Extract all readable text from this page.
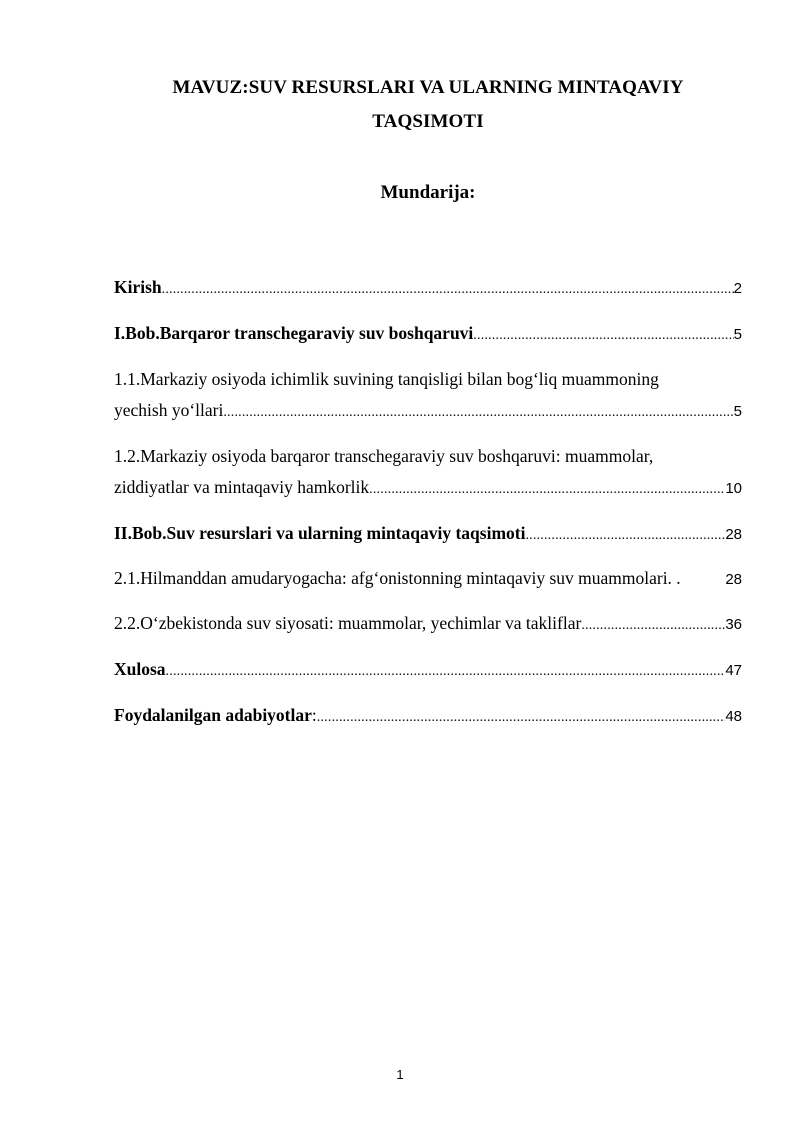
MAVUZ:SUV RESURSLARI VA ULARNING MINTAQAVIY
TAQSIMOTI
Mundarija:
Kirish .....	2
I.Bob.Barqaror transchegaraviy suv boshqaruvi .....	5
1.1.Markaziy osiyoda ichimlik suvining tanqisligi bilan bog‘liq muammoning
yechish yo‘llari .....	5
1.2.Markaziy osiyoda barqaror transchegaraviy suv boshqaruvi: muammolar,
ziddiyatlar va mintaqaviy hamkorlik .....	10
II.Bob.Suv resurslari va ularning mintaqaviy taqsimoti .....	28
2.1.Hilmanddan amudaryogacha: afg‘onistonning mintaqaviy suv muammolari. .	28
2.2.O‘zbekistonda suv siyosati: muammolar, yechimlar va takliflar .....	36
Xulosa .....	47
Foydalanilgan adabiyotlar : .....	48
1
